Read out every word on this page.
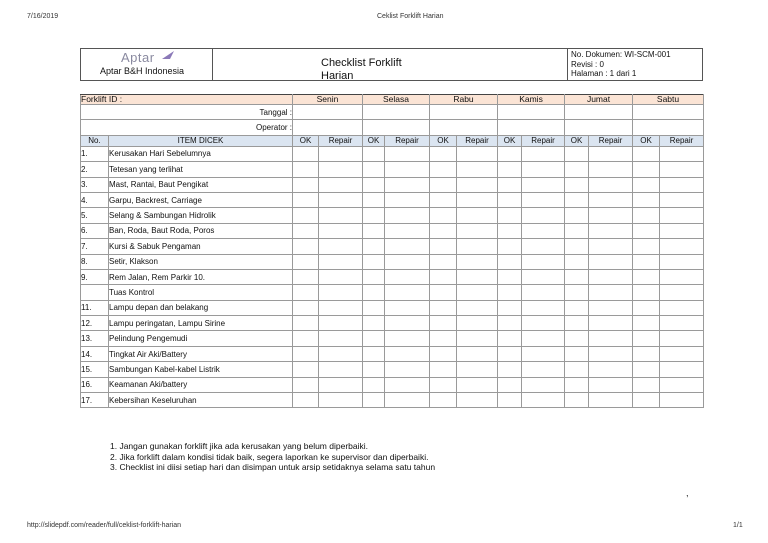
7/16/2019	Ceklist Forklift Harian
Aptar
Aptar B&H Indonesia
Checklist Forklift Harian
No. Dokumen: WI-SCM-001
Revisi : 0
Halaman : 1 dari 1
Forklift ID :		Senin		Selasa		Rabu		Kamis		Jumat		Sabtu	
Tanggal :													
Operator :													
No.	ITEM DICEK	OK	Repair	OK	Repair	OK	Repair	OK	Repair	OK	Repair	OK	Repair
1.	Kerusakan Hari Sebelumnya												
2.	Tetesan yang terlihat												
3.	Mast, Rantai, Baut Pengikat												
4.	Garpu, Backrest, Carriage												
5.	Selang & Sambungan Hidrolik												
6.	Ban, Roda, Baut Roda, Poros												
7.	Kursi & Sabuk Pengaman												
8.	Setir, Klakson												
9.	Rem Jalan, Rem Parkir 10.												
	Tuas Kontrol												
11.	Lampu depan dan belakang												
12.	Lampu peringatan, Lampu Sirine												
13.	Pelindung Pengemudi												
14.	Tingkat Air Aki/Battery												
15.	Sambungan Kabel-kabel Listrik												
16.	Keamanan Aki/battery												
17.	Kebersihan Keseluruhan												
1. Jangan gunakan forklift jika ada kerusakan yang belum diperbaiki.
2. Jika forklift dalam kondisi tidak baik, segera laporkan ke supervisor dan diperbaiki.
3. Checklist ini diisi setiap hari dan disimpan untuk arsip setidaknya selama satu tahun
,
http://slidepdf.com/reader/full/ceklist-forklift-harian	1/1
